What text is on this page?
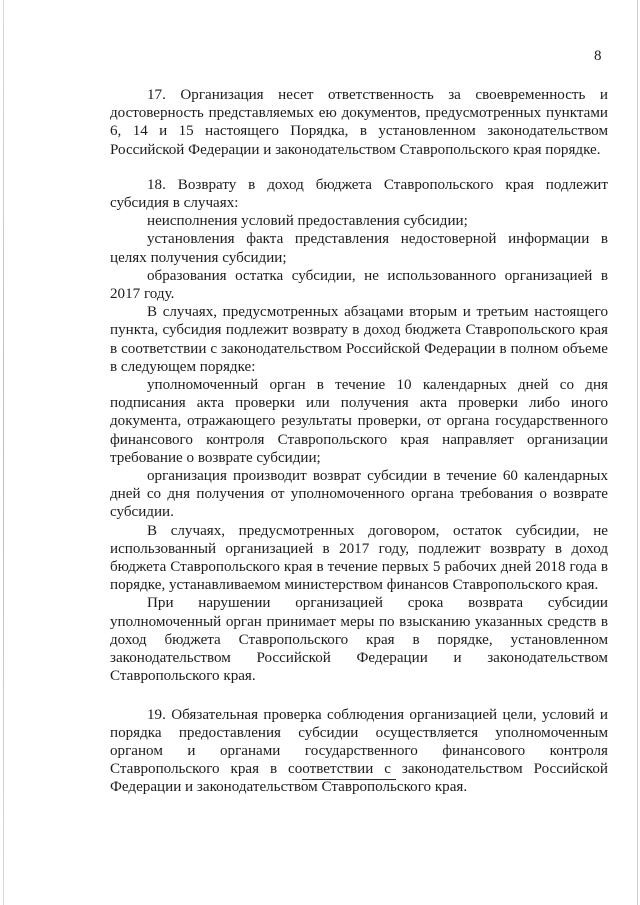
8

17. Организация несет ответственность за своевременность и достоверность представляемых ею документов, предусмотренных пунктами 6, 14 и 15 настоящего Порядка, в установленном законодательством Российской Федерации и законодательством Ставропольского края порядке.

18. Возврату в доход бюджета Ставропольского края подлежит субсидия в случаях:

неисполнения условий предоставления субсидии;

установления факта представления недостоверной информации в целях получения субсидии;

образования остатка субсидии, не использованного организацией в 2017 году.

В случаях, предусмотренных абзацами вторым и третьим настоящего пункта, субсидия подлежит возврату в доход бюджета Ставропольского края в соответствии с законодательством Российской Федерации в полном объеме в следующем порядке:

уполномоченный орган в течение 10 календарных дней со дня подписания акта проверки или получения акта проверки либо иного документа, отражающего результаты проверки, от органа государственного финансового контроля Ставропольского края направляет организации требование о возврате субсидии;

организация производит возврат субсидии в течение 60 календарных дней со дня получения от уполномоченного органа требования о возврате субсидии.

В случаях, предусмотренных договором, остаток субсидии, не использованный организацией в 2017 году, подлежит возврату в доход бюджета Ставропольского края в течение первых 5 рабочих дней 2018 года в порядке, устанавливаемом министерством финансов Ставропольского края.

При нарушении организацией срока возврата субсидии уполномоченный орган принимает меры по взысканию указанных средств в доход бюджета Ставропольского края в порядке, установленном законодательством Российской Федерации и законодательством Ставропольского края.

19. Обязательная проверка соблюдения организацией цели, условий и порядка предоставления субсидии осуществляется уполномоченным органом и органами государственного финансового контроля Ставропольского края в соответствии с законодательством Российской Федерации и законодательством Ставропольского края.
